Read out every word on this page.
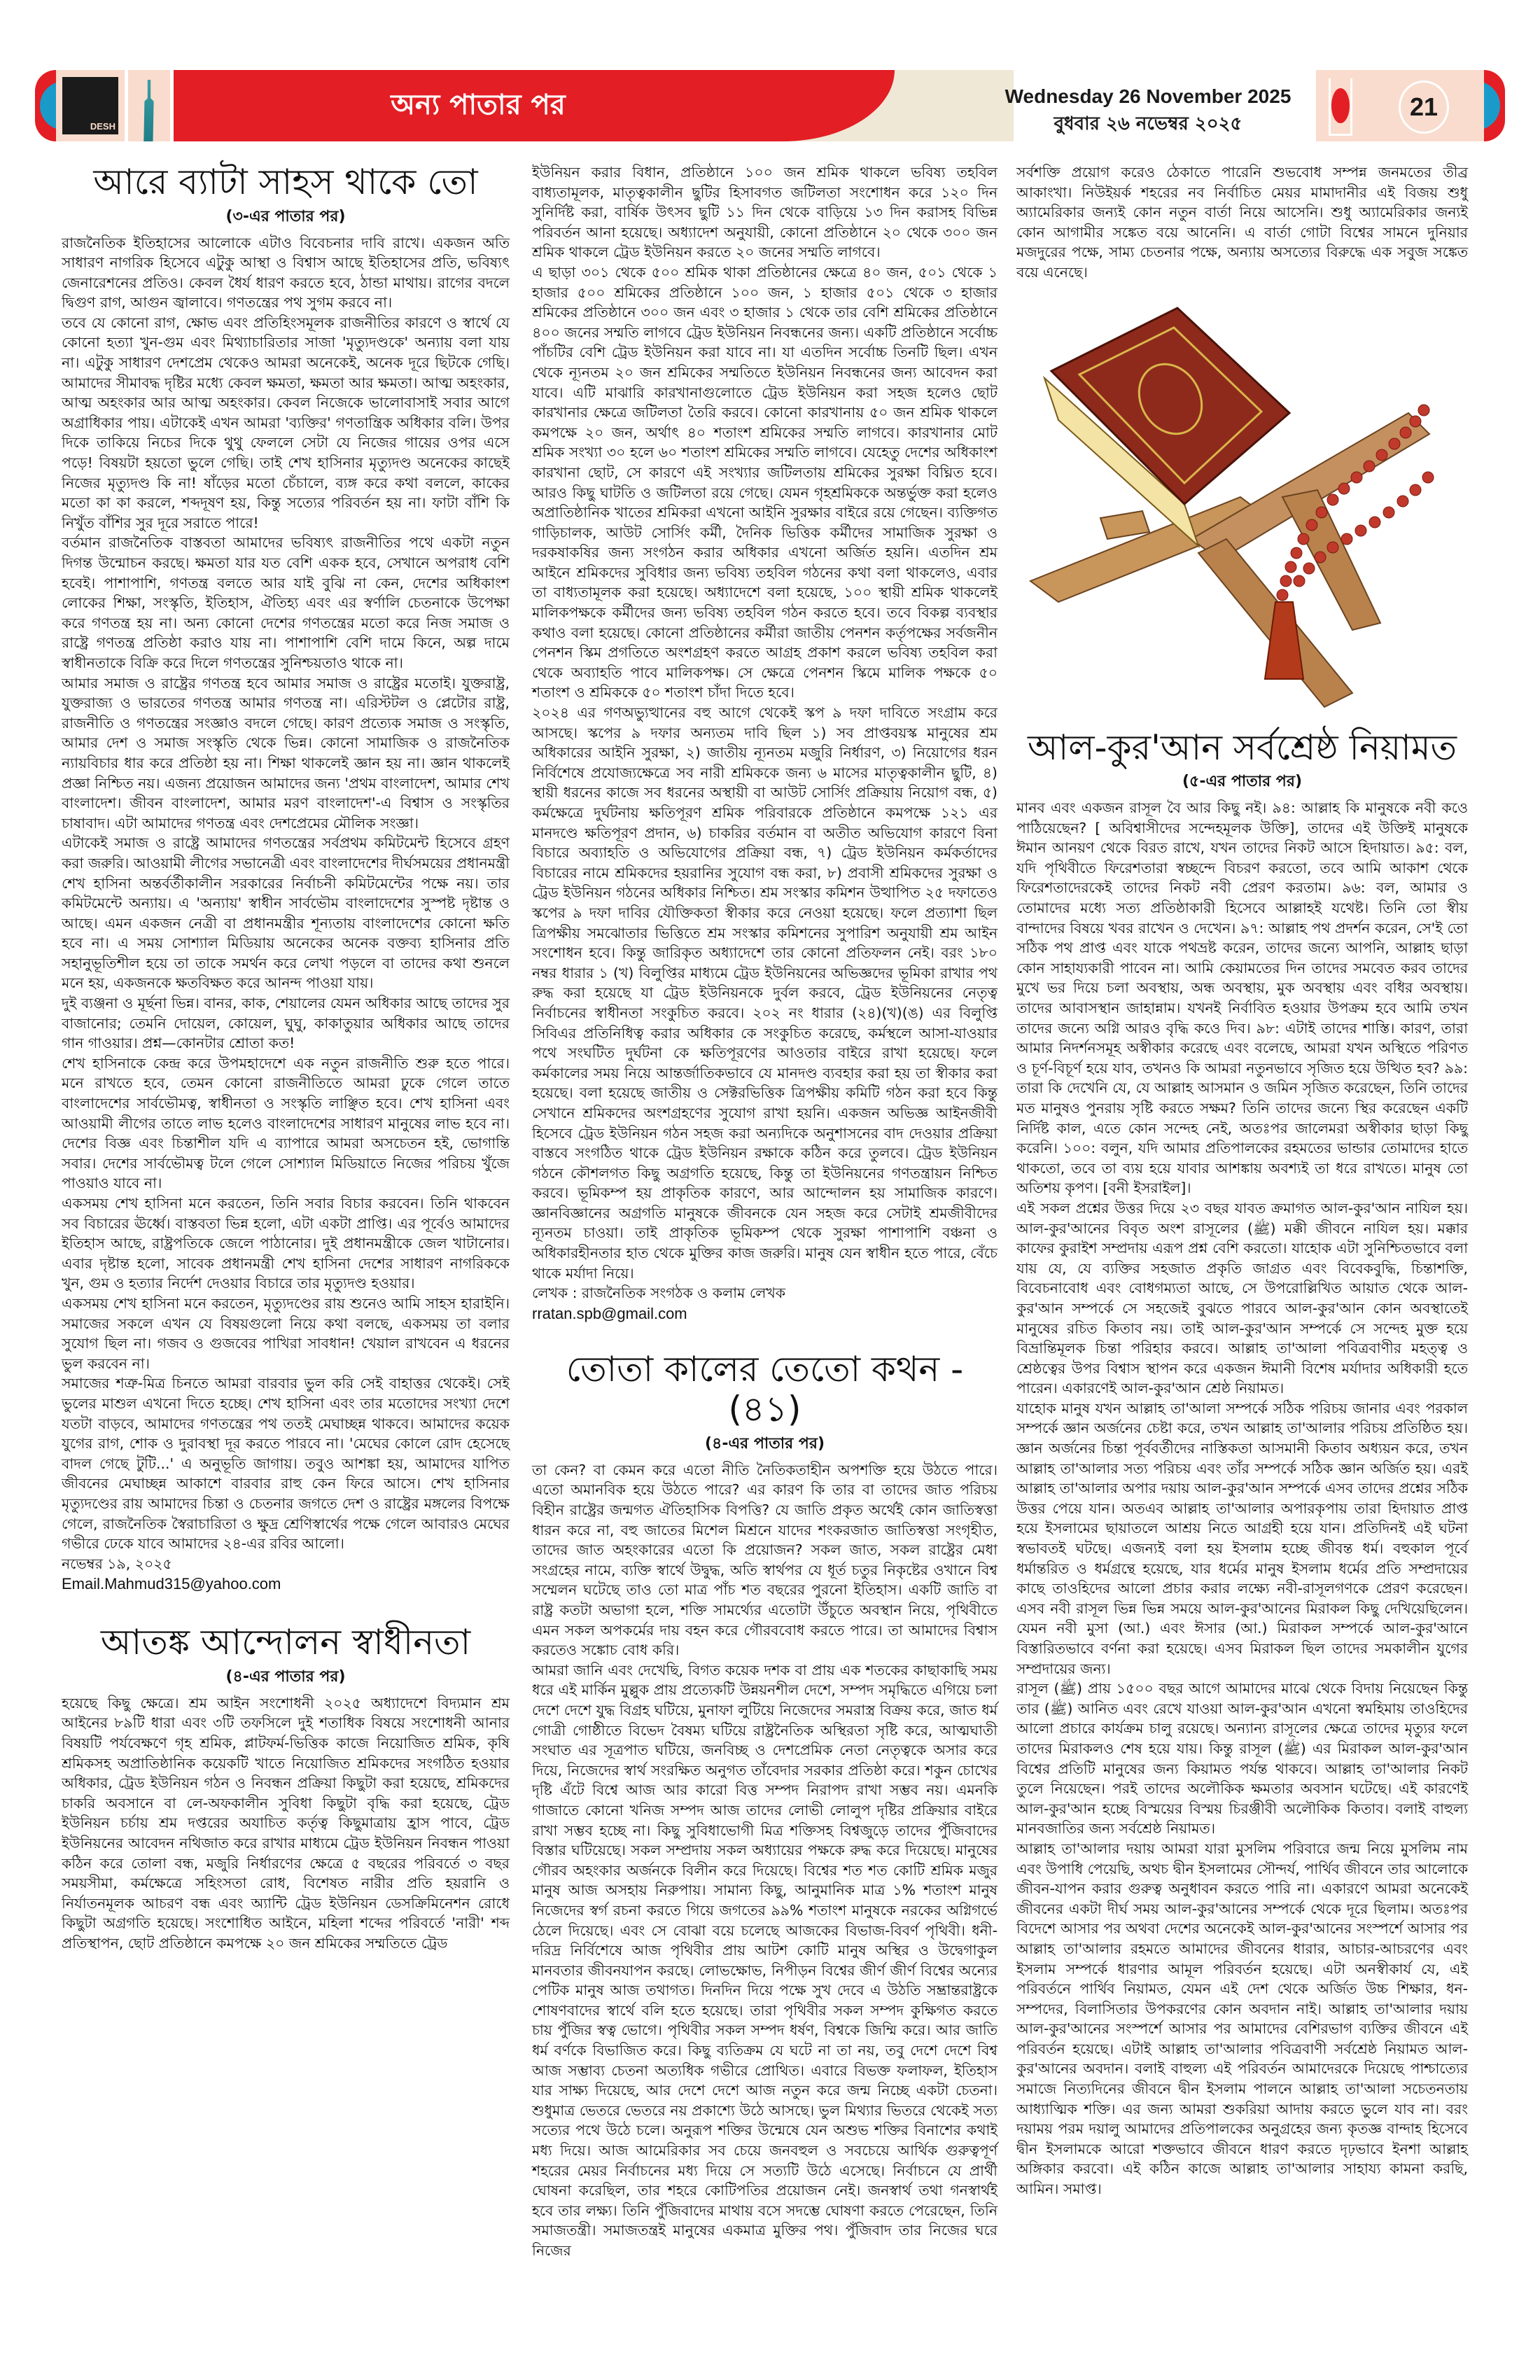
DESH
অন্য পাতার পর	Wednesday 26 November 2025
বুধবার ২৬ নভেম্বর ২০২৫
21
আরে ব্যাটা সাহস থাকে তো
(৩-এর পাতার পর)

রাজনৈতিক ইতিহাসের আলোকে এটাও বিবেচনার দাবি রাখে। একজন অতি সাধারণ নাগরিক হিসেবে এটুকু আস্থা ও বিশ্বাস আছে ইতিহাসের প্রতি, ভবিষ্যৎ জেনারেশনের প্রতিও। কেবল ধৈর্য ধারণ করতে হবে, ঠান্ডা মাথায়। রাগের বদলে দ্বিগুণ রাগ, আগুন জ্বালাবে। গণতন্ত্রের পথ সুগম করবে না।

তবে যে কোনো রাগ, ক্ষোভ এবং প্রতিহিংসমূলক রাজনীতির কারণে ও স্বার্থে যে কোনো হত্যা খুন-গুম এবং মিথ্যাচারিতার সাজা 'মৃত্যুদণ্ডকে' অন্যায় বলা যায় না। এটুকু সাধারণ দেশপ্রেম থেকেও আমরা অনেকেই, অনেক দূরে ছিটকে গেছি। আমাদের সীমাবদ্ধ দৃষ্টির মধ্যে কেবল ক্ষমতা, ক্ষমতা আর ক্ষমতা। আত্ম অহংকার, আত্ম অহংকার আর আত্ম অহংকার। কেবল নিজেকে ভালোবাসাই সবার আগে অগ্রাধিকার পায়। এটাকেই এখন আমরা 'ব্যক্তির' গণতান্ত্রিক অধিকার বলি। উপর দিকে তাকিয়ে নিচের দিকে থুথু ফেললে সেটা যে নিজের গায়ের ওপর এসে পড়ে! বিষয়টা হয়তো ভুলে গেছি। তাই শেখ হাসিনার মৃত্যুদণ্ড অনেকের কাছেই নিজের মৃত্যুদণ্ড কি না! ষাঁড়ের মতো চেঁচালে, ব্যঙ্গ করে কথা বললে, কাকের মতো কা কা করলে, শব্দদূষণ হয়, কিন্তু সত্যের পরিবর্তন হয় না। ফাটা বাঁশি কি নিখুঁত বাঁশির সুর দূরে সরাতে পারে!

বর্তমান রাজনৈতিক বাস্তবতা আমাদের ভবিষ্যৎ রাজনীতির পথে একটা নতুন দিগন্ত উন্মোচন করছে। ক্ষমতা যার যত বেশি একক হবে, সেখানে অপরাধ বেশি হবেই। পাশাপাশি, গণতন্ত্র বলতে আর যাই বুঝি না কেন, দেশের অধিকাংশ লোকের শিক্ষা, সংস্কৃতি, ইতিহাস, ঐতিহ্য এবং এর স্বর্ণালি চেতনাকে উপেক্ষা করে গণতন্ত্র হয় না। অন্য কোনো দেশের গণতন্ত্রের মতো করে নিজ সমাজ ও রাষ্ট্রে গণতন্ত্র প্রতিষ্ঠা করাও যায় না। পাশাপাশি বেশি দামে কিনে, অল্প দামে স্বাধীনতাকে বিক্রি করে দিলে গণতন্ত্রের সুনিশ্চয়তাও থাকে না।

আমার সমাজ ও রাষ্ট্রের গণতন্ত্র হবে আমার সমাজ ও রাষ্ট্রের মতোই। যুক্তরাষ্ট্র, যুক্তরাজ্য ও ভারতের গণতন্ত্র আমার গণতন্ত্র না। এরিস্টটল ও প্লেটোর রাষ্ট্র, রাজনীতি ও গণতন্ত্রের সংজ্ঞাও বদলে গেছে। কারণ প্রত্যেক সমাজ ও সংস্কৃতি, আমার দেশ ও সমাজ সংস্কৃতি থেকে ভিন্ন। কোনো সামাজিক ও রাজনৈতিক ন্যায়বিচার ধার করে প্রতিষ্ঠা হয় না। শিক্ষা থাকলেই জ্ঞান হয় না। জ্ঞান থাকলেই প্রজ্ঞা নিশ্চিত নয়। এজন্য প্রয়োজন আমাদের জন্য 'প্রথম বাংলাদেশ, আমার শেখ বাংলাদেশ। জীবন বাংলাদেশ, আমার মরণ বাংলাদেশ'-এ বিশ্বাস ও সংস্কৃতির চাষাবাদ। এটা আমাদের গণতন্ত্র এবং দেশপ্রেমের মৌলিক সংজ্ঞা।

এটাকেই সমাজ ও রাষ্ট্রে আমাদের গণতন্ত্রের সর্বপ্রথম কমিটমেন্ট হিসেবে গ্রহণ করা জরুরি। আওয়ামী লীগের সভানেত্রী এবং বাংলাদেশের দীর্ঘসময়ের প্রধানমন্ত্রী শেখ হাসিনা অন্তর্বর্তীকালীন সরকারের নির্বাচনী কমিটমেন্টের পক্ষে নয়। তার কমিটমেন্টে অন্যায়। এ 'অন্যায়' স্বাধীন সার্বভৌম বাংলাদেশের সুস্পষ্ট দৃষ্টান্ত ও আছে। এমন একজন নেত্রী বা প্রধানমন্ত্রীর শূন্যতায় বাংলাদেশের কোনো ক্ষতি হবে না। এ সময় সোশ্যাল মিডিয়ায় অনেকের অনেক বক্তব্য হাসিনার প্রতি সহানুভূতিশীল হয়ে তা তাকে সমর্থন করে লেখা পড়লে বা তাদের কথা শুনলে মনে হয়, একজনকে ক্ষতবিক্ষত করে আনন্দ পাওয়া যায়।

দুই ব্যঞ্জনা ও মূর্ছনা ভিন্ন। বানর, কাক, শেয়ালের যেমন অধিকার আছে তাদের সুর বাজানোর; তেমনি দোয়েল, কোয়েল, ঘুঘু, কাকাতুয়ার অধিকার আছে তাদের গান গাওয়ার। প্রশ্ন—কোনটার শ্রোতা কত!

শেখ হাসিনাকে কেন্দ্র করে উপমহাদেশে এক নতুন রাজনীতি শুরু হতে পারে। মনে রাখতে হবে, তেমন কোনো রাজনীতিতে আমরা ঢুকে গেলে তাতে বাংলাদেশের সার্বভৌমত্ব, স্বাধীনতা ও সংস্কৃতি লাঞ্ছিত হবে। শেখ হাসিনা এবং আওয়ামী লীগের তাতে লাভ হলেও বাংলাদেশের সাধারণ মানুষের লাভ হবে না। দেশের বিজ্ঞ এবং চিন্তাশীল যদি এ ব্যাপারে আমরা অসচেতন হই, ভোগান্তি সবার। দেশের সার্বভৌমত্ব টলে গেলে সোশ্যাল মিডিয়াতে নিজের পরিচয় খুঁজে পাওয়াও যাবে না।

একসময় শেখ হাসিনা মনে করতেন, তিনি সবার বিচার করবেন। তিনি থাকবেন সব বিচারের ঊর্ধ্বে। বাস্তবতা ভিন্ন হলো, এটা একটা প্রাপ্তি। এর পূর্বেও আমাদের ইতিহাস আছে, রাষ্ট্রপতিকে জেলে পাঠানোর। দুই প্রধানমন্ত্রীকে জেল খাটানোর। এবার দৃষ্টান্ত হলো, সাবেক প্রধানমন্ত্রী শেখ হাসিনা দেশের সাধারণ নাগরিককে খুন, গুম ও হত্যার নির্দেশ দেওয়ার বিচারে তার মৃত্যুদণ্ড হওয়ার।

একসময় শেখ হাসিনা মনে করতেন, মৃত্যুদণ্ডের রায় শুনেও আমি সাহস হারাইনি। সমাজের সকলে এখন যে বিষয়গুলো নিয়ে কথা বলছে, একসময় তা বলার সুযোগ ছিল না। গজব ও গুজবের পাখিরা সাবধান! খেয়াল রাখবেন এ ধরনের ভুল করবেন না।

সমাজের শত্রু-মিত্র চিনতে আমরা বারবার ভুল করি সেই বাহাত্তর থেকেই। সেই ভুলের মাশুল এখনো দিতে হচ্ছে। শেখ হাসিনা এবং তার মতোদের সংখ্যা দেশে যতটা বাড়বে, আমাদের গণতন্ত্রের পথ ততই মেঘাচ্ছন্ন থাকবে। আমাদের কয়েক যুগের রাগ, শোক ও দুরাবস্থা দূর করতে পারবে না। 'মেঘের কোলে রোদ হেসেছে বাদল গেছে টুটি...' এ অনুভূতি জাগায়। তবুও আশঙ্কা হয়, আমাদের যাপিত জীবনের মেঘাচ্ছন্ন আকাশে বারবার রাহু কেন ফিরে আসে। শেখ হাসিনার মৃত্যুদণ্ডের রায় আমাদের চিন্তা ও চেতনার জগতে দেশ ও রাষ্ট্রের মঙ্গলের বিপক্ষে গেলে, রাজনৈতিক স্বৈরাচারিতা ও ক্ষুদ্র শ্রেণিস্বার্থের পক্ষে গেলে আবারও মেঘের গভীরে ঢেকে যাবে আমাদের ২৪-এর রবির আলো।

নভেম্বর ১৯, ২০২৫
Email.Mahmud315@yahoo.com
আতঙ্ক আন্দোলন স্বাধীনতা
(৪-এর পাতার পর)

হয়েছে কিছু ক্ষেত্রে। শ্রম আইন সংশোধনী ২০২৫ অধ্যাদেশে বিদ্যমান শ্রম আইনের ৮৯টি ধারা এবং ৩টি তফসিলে দুই শতাধিক বিষয়ে সংশোধনী আনার বিষয়টি পর্যবেক্ষণে গৃহ শ্রমিক, প্লাটফর্ম-ভিত্তিক কাজে নিয়োজিত শ্রমিক, কৃষি শ্রমিকসহ অপ্রাতিষ্ঠানিক কয়েকটি খাতে নিয়োজিত শ্রমিকদের সংগঠিত হওয়ার অধিকার, ট্রেড ইউনিয়ন গঠন ও নিবন্ধন প্রক্রিয়া কিছুটা করা হয়েছে, শ্রমিকদের চাকরি অবসানে বা লে-অফকালীন সুবিধা কিছুটা বৃদ্ধি করা হয়েছে, ট্রেড ইউনিয়ন চর্চায় শ্রম দপ্তরের অযাচিত কর্তৃত্ব কিছুমাত্রায় হ্রাস পাবে, ট্রেড ইউনিয়নের আবেদন নথিজাত করে রাখার মাধ্যমে ট্রেড ইউনিয়ন নিবন্ধন পাওয়া কঠিন করে তোলা বন্ধ, মজুরি নির্ধারণের ক্ষেত্রে ৫ বছরের পরিবর্তে ৩ বছর সময়সীমা, কর্মক্ষেত্রে সহিংসতা রোধ, বিশেষত নারীর প্রতি হয়রানি ও নির্যাতনমূলক আচরণ বন্ধ এবং অ্যান্টি ট্রেড ইউনিয়ন ডেসক্রিমিনেশন রোধে কিছুটা অগ্রগতি হয়েছে। সংশোধিত আইনে, মহিলা শব্দের পরিবর্তে 'নারী' শব্দ প্রতিস্থাপন, ছোট প্রতিষ্ঠানে কমপক্ষে ২০ জন শ্রমিকের সম্মতিতে ট্রেড

ইউনিয়ন করার বিধান, প্রতিষ্ঠানে ১০০ জন শ্রমিক থাকলে ভবিষ্য তহবিল বাধ্যতামূলক, মাতৃত্বকালীন ছুটির হিসাবগত জটিলতা সংশোধন করে ১২০ দিন সুনির্দিষ্ট করা, বার্ষিক উৎসব ছুটি ১১ দিন থেকে বাড়িয়ে ১৩ দিন করাসহ বিভিন্ন পরিবর্তন আনা হয়েছে। অধ্যাদেশ অনুযায়ী, কোনো প্রতিষ্ঠানে ২০ থেকে ৩০০ জন শ্রমিক থাকলে ট্রেড ইউনিয়ন করতে ২০ জনের সম্মতি লাগবে।

এ ছাড়া ৩০১ থেকে ৫০০ শ্রমিক থাকা প্রতিষ্ঠানের ক্ষেত্রে ৪০ জন, ৫০১ থেকে ১ হাজার ৫০০ শ্রমিকের প্রতিষ্ঠানে ১০০ জন, ১ হাজার ৫০১ থেকে ৩ হাজার শ্রমিকের প্রতিষ্ঠানে ৩০০ জন এবং ৩ হাজার ১ থেকে তার বেশি শ্রমিকের প্রতিষ্ঠানে ৪০০ জনের সম্মতি লাগবে ট্রেড ইউনিয়ন নিবন্ধনের জন্য। একটি প্রতিষ্ঠানে সর্বোচ্চ পাঁচটির বেশি ট্রেড ইউনিয়ন করা যাবে না। যা এতদিন সর্বোচ্চ তিনটি ছিল। এখন থেকে ন্যূনতম ২০ জন শ্রমিকের সম্মতিতে ইউনিয়ন নিবন্ধনের জন্য আবেদন করা যাবে। এটি মাঝারি কারখানাগুলোতে ট্রেড ইউনিয়ন করা সহজ হলেও ছোট কারখানার ক্ষেত্রে জটিলতা তৈরি করবে। কোনো কারখানায় ৫০ জন শ্রমিক থাকলে কমপক্ষে ২০ জন, অর্থাৎ ৪০ শতাংশ শ্রমিকের সম্মতি লাগবে। কারখানার মোট শ্রমিক সংখ্যা ৩০ হলে ৬০ শতাংশ শ্রমিকের সম্মতি লাগবে। যেহেতু দেশের অধিকাংশ কারখানা ছোট, সে কারণে এই সংখ্যার জটিলতায় শ্রমিকের সুরক্ষা বিঘ্নিত হবে। আরও কিছু ঘাটতি ও জটিলতা রয়ে গেছে। যেমন গৃহশ্রমিককে অন্তর্ভুক্ত করা হলেও অপ্রাতিষ্ঠানিক খাতের শ্রমিকরা এখনো আইনি সুরক্ষার বাইরে রয়ে গেছেন। ব্যক্তিগত গাড়িচালক, আউট সোর্সিং কর্মী, দৈনিক ভিত্তিক কর্মীদের সামাজিক সুরক্ষা ও দরকষাকষির জন্য সংগঠন করার অধিকার এখনো অর্জিত হয়নি। এতদিন শ্রম আইনে শ্রমিকদের সুবিধার জন্য ভবিষ্য তহবিল গঠনের কথা বলা থাকলেও, এবার তা বাধ্যতামূলক করা হয়েছে। অধ্যাদেশে বলা হয়েছে, ১০০ স্থায়ী শ্রমিক থাকলেই মালিকপক্ষকে কর্মীদের জন্য ভবিষ্য তহবিল গঠন করতে হবে। তবে বিকল্প ব্যবস্থার কথাও বলা হয়েছে। কোনো প্রতিষ্ঠানের কর্মীরা জাতীয় পেনশন কর্তৃপক্ষের সর্বজনীন পেনশন স্কিম প্রগতিতে অংশগ্রহণ করতে আগ্রহ প্রকাশ করলে ভবিষ্য তহবিল করা থেকে অব্যাহতি পাবে মালিকপক্ষ। সে ক্ষেত্রে পেনশন স্কিমে মালিক পক্ষকে ৫০ শতাংশ ও শ্রমিককে ৫০ শতাংশ চাঁদা দিতে হবে।

২০২৪ এর গণঅভ্যুত্থানের বহু আগে থেকেই স্কপ ৯ দফা দাবিতে সংগ্রাম করে আসছে। স্কপের ৯ দফার অন্যতম দাবি ছিল ১) সব প্রাপ্তবয়স্ক মানুষের শ্রম অধিকারের আইনি সুরক্ষা, ২) জাতীয় ন্যূনতম মজুরি নির্ধারণ, ৩) নিয়োগের ধরন নির্বিশেষে প্রযোজ্যক্ষেত্রে সব নারী শ্রমিককে জন্য ৬ মাসের মাতৃত্বকালীন ছুটি, ৪) স্থায়ী ধরনের কাজে সব ধরনের অস্থায়ী বা আউট সোর্সিং প্রক্রিয়ায় নিয়োগ বন্ধ, ৫) কর্মক্ষেত্রে দুর্ঘটনায় ক্ষতিপূরণ শ্রমিক পরিবারকে প্রতিষ্ঠানে কমপক্ষে ১২১ এর মানদণ্ডে ক্ষতিপূরণ প্রদান, ৬) চাকরির বর্তমান বা অতীত অভিযোগ কারণে বিনা বিচারে অব্যাহতি ও অভিযোগের প্রক্রিয়া বন্ধ, ৭) ট্রেড ইউনিয়ন কর্মকর্তাদের বিচারের নামে শ্রমিকদের হয়রানির সুযোগ বন্ধ করা, ৮) প্রবাসী শ্রমিকদের সুরক্ষা ও ট্রেড ইউনিয়ন গঠনের অধিকার নিশ্চিত। শ্রম সংস্কার কমিশন উত্থাপিত ২৫ দফাতেও স্কপের ৯ দফা দাবির যৌক্তিকতা স্বীকার করে নেওয়া হয়েছে। ফলে প্রত্যাশা ছিল ত্রিপক্ষীয় সমঝোতার ভিত্তিতে শ্রম সংস্কার কমিশনের সুপারিশ অনুযায়ী শ্রম আইন সংশোধন হবে। কিন্তু জারিকৃত অধ্যাদেশে তার কোনো প্রতিফলন নেই। বরং ১৮০ নম্বর ধারার ১ (খ) বিলুপ্তির মাধ্যমে ট্রেড ইউনিয়নের অভিজ্ঞদের ভূমিকা রাখার পথ রুদ্ধ করা হয়েছে যা ট্রেড ইউনিয়নকে দুর্বল করবে, ট্রেড ইউনিয়নের নেতৃত্ব নির্বাচনের স্বাধীনতা সংকুচিত করবে। ২০২ নং ধারার (২৪)(খ)(ঙ) এর বিলুপ্তি সিবিএর প্রতিনিধিত্ব করার অধিকার কে সংকুচিত করেছে, কর্মস্থলে আসা-যাওয়ার পথে সংঘটিত দুর্ঘটনা কে ক্ষতিপূরণের আওতার বাইরে রাখা হয়েছে। ফলে কর্মকালের সময় নিয়ে আন্তর্জাতিকভাবে যে মানদণ্ড ব্যবহার করা হয় তা স্বীকার করা হয়েছে। বলা হয়েছে জাতীয় ও সেক্টরভিত্তিক ত্রিপক্ষীয় কমিটি গঠন করা হবে কিন্তু সেখানে শ্রমিকদের অংশগ্রহণের সুযোগ রাখা হয়নি। একজন অভিজ্ঞ আইনজীবী হিসেবে ট্রেড ইউনিয়ন গঠন সহজ করা অন্যদিকে অনুশাসনের বাদ দেওয়ার প্রক্রিয়া বাস্তবে সংগঠিত থাকে ট্রেড ইউনিয়ন রক্ষাকে কঠিন করে তুলবে। ট্রেড ইউনিয়ন গঠনে কৌশলগত কিছু অগ্রগতি হয়েছে, কিন্তু তা ইউনিয়নের গণতন্ত্রায়ন নিশ্চিত করবে। ভূমিকম্প হয় প্রাকৃতিক কারণে, আর আন্দোলন হয় সামাজিক কারণে। জ্ঞানবিজ্ঞানের অগ্রগতি মানুষকে জীবনকে যেন সহজ করে সেটাই শ্রমজীবীদের ন্যূনতম চাওয়া। তাই প্রাকৃতিক ভূমিকম্প থেকে সুরক্ষা পাশাপাশি বঞ্চনা ও অধিকারহীনতার হাত থেকে মুক্তির কাজ জরুরি। মানুষ যেন স্বাধীন হতে পারে, বেঁচে থাকে মর্যাদা নিয়ে।

লেখক : রাজনৈতিক সংগঠক ও কলাম লেখক
rratan.spb@gmail.com
তোতা কালের তেতো কথন - (৪১)
(৪-এর পাতার পর)

তা কেন? বা কেমন করে এতো নীতি নৈতিকতাহীন অপশক্তি হয়ে উঠতে পারে। এতো অমানবিক হয়ে উঠতে পারে? এর কারণ কি তার বা তাদের জাত পরিচয় বিহীন রাষ্ট্রের জন্মগত ঐতিহাসিক বিপত্তি? যে জাতি প্রকৃত অর্থেই কোন জাতিস্বত্তা ধারন করে না, বহু জাতের মিশেল মিশ্রনে যাদের শংকরজাত জাতিস্বত্তা সংগৃহীত, তাদের জাত অহংকারের এতো কি প্রয়োজন? সকল জাত, সকল রাষ্ট্রের মেধা সংগ্রহের নামে, ব্যক্তি স্বার্থে উদ্বুদ্ধ, অতি স্বার্থপর যে ধূর্ত চতুর নিকৃষ্টের ওখানে বিশ্ব সম্মেলন ঘটেছে তাও তো মাত্র পাঁচ শত বছরের পুরনো ইতিহাস। একটি জাতি বা রাষ্ট্র কতটা অভাগা হলে, শক্তি সামর্থ্যের এতোটা উঁচুতে অবস্থান নিয়ে, পৃথিবীতে এমন সকল অপকর্মের দায় বহন করে গৌরববোধ করতে পারে। তা আমাদের বিশ্বাস করতেও সঙ্কোচ বোধ করি।

আমরা জানি এবং দেখেছি, বিগত কয়েক দশক বা প্রায় এক শতকের কাছাকাছি সময় ধরে এই মার্কিন মুল্লুক প্রায় প্রত্যেকটি উন্নয়নশীল দেশে, সম্পদ সমৃদ্ধিতে এগিয়ে চলা দেশে দেশে যুদ্ধ বিগ্রহ ঘটিয়ে, মুনাফা লুটিয়ে নিজেদের সমরাস্ত্র বিক্রয় করে, জাত ধর্ম গোত্রী গোষ্ঠীতে বিভেদ বৈষম্য ঘটিয়ে রাষ্ট্রনৈতিক অস্থিরতা সৃষ্টি করে, আত্মঘাতী সংঘাত এর সূত্রপাত ঘটিয়ে, জনবিচ্ছ ও দেশপ্রেমিক নেতা নেতৃত্বকে অসার করে দিয়ে, নিজেদের স্বার্থ সংরক্ষিত অনুগত তাঁবেদার সরকার প্রতিষ্ঠা করে। শকুন চোখের দৃষ্টি এঁটে বিশ্বে আজ আর কারো বিত্ত সম্পদ নিরাপদ রাখা সম্ভব নয়। এমনকি গাজাতে কোনো খনিজ সম্পদ আজ তাদের লোভী লোলুপ দৃষ্টির প্রক্রিয়ার বাইরে রাখা সম্ভব হচ্ছে না। কিছু সুবিধাভোগী মিত্র শক্তিসহ বিশ্বজুড়ে তাদের পুঁজিবাদের বিস্তার ঘটিয়েছে। সকল সম্প্রদায় সকল অধ্যায়ের পক্ষকে রুদ্ধ করে দিয়েছে। মানুষের গৌরব অহংকার অর্জনকে বিলীন করে দিয়েছে। বিশ্বের শত শত কোটি শ্রমিক মজুর মানুষ আজ অসহায় নিরুপায়। সামান্য কিছু, আনুমানিক মাত্র ১% শতাংশ মানুষ নিজেদের স্বর্গ রচনা করতে গিয়ে জগতের ৯৯% শতাংশ মানুষকে নরকের অগ্নিগর্ভে ঠেলে দিয়েছে। এবং সে বোঝা বয়ে চলেছে আজকের বিভাজ-বিবর্ণ পৃথিবী। ধনী-দরিদ্র নির্বিশেষে আজ পৃথিবীর প্রায় আটশ কোটি মানুষ অস্থির ও উদ্বেগাকুল মানবতার জীবনযাপন করছে। লোভক্ষোভ, নিপীড়ন বিশ্বের জীর্ণ জীর্ণ বিশ্বের অন্যের পেটিক মানুষ আজ তথাগত। দিনদিন দিয়ে পক্ষে সুখ দেবে এ উঠতি সম্ভ্রান্তরাষ্ট্রকে শোষণবাদের স্বার্থে বলি হতে হয়েছে। তারা পৃথিবীর সকল সম্পদ কুক্ষিগত করতে চায় পুঁজির স্বত্ব ভোগে। পৃথিবীর সকল সম্পদ ধর্ষণ, বিশ্বকে জিম্মি করে। আর জাতি ধর্ম বর্ণকে বিভাজিত করে। কিছু ব্যতিক্রম যে ঘটে না তা নয়, তবু দেশে দেশে বিশ্ব আজ সম্ভাব্য চেতনা অত্যধিক গভীরে প্রোথিত। এবারে বিভক্ত ফলাফল, ইতিহাস যার সাক্ষ্য দিয়েছে, আর দেশে দেশে আজ নতুন করে জন্ম নিচ্ছে একটা চেতনা। শুধুমাত্র ভেতরে ভেতরে নয় প্রকাশ্যে উঠে আসছে। ভুল মিথ্যার ভিতরে থেকেই সত্য সত্যের পথে উঠে চলে। অনুরূপ শক্তির উন্মেষে যেন অশুভ শক্তির বিনাশের কথাই মধ্য দিয়ে। আজ আমেরিকার সব চেয়ে জনবহুল ও সবচেয়ে আর্থিক গুরুত্বপূর্ণ শহরের মেয়র নির্বাচনের মধ্য দিয়ে সে সত্যটি উঠে এসেছে। নির্বাচনে যে প্রার্থী ঘোষনা করেছিল, তার শহরে কোটিপতির প্রয়োজন নেই। জনস্বার্থ তথা গনস্বার্থই হবে তার লক্ষ্য। তিনি পুঁজিবাদের মাথায় বসে সদম্ভে ঘোষণা করতে পেরেছেন, তিনি সমাজতন্ত্রী। সমাজতন্ত্রই মানুষের একমাত্র মুক্তির পথ। পুঁজিবাদ তার নিজের ঘরে নিজের

সর্বশক্তি প্রয়োগ করেও ঠেকাতে পারেনি শুভবোধ সম্পন্ন জনমতের তীব্র আকাংখা। নিউইয়র্ক শহরের নব নির্বাচিত মেয়র মামাদানীর এই বিজয় শুধু অ্যামেরিকার জন্যই কোন নতুন বার্তা নিয়ে আসেনি। শুধু অ্যামেরিকার জন্যই কোন আগামীর সঙ্কেত বয়ে আনেনি। এ বার্তা গোটা বিশ্বের সামনে দুনিয়ার মজদুরের পক্ষে, সাম্য চেতনার পক্ষে, অন্যায় অসত্যের বিরুদ্ধে এক সবুজ সঙ্কেত বয়ে এনেছে।

আল-কুর'আন সর্বশ্রেষ্ঠ নিয়ামত
(৫-এর পাতার পর)

মানব এবং একজন রাসূল বৈ আর কিছু নই। ৯৪: আল্লাহ কি মানুষকে নবী কওে পাঠিয়েছেন? [ অবিশ্বাসীদের সন্দেহমূলক উক্তি], তাদের এই উক্তিই মানুষকে ঈমান আনয়ণ থেকে বিরত রাখে, যখন তাদের নিকট আসে হিদায়াত। ৯৫: বল, যদি পৃথিবীতে ফিরেশতারা স্বচ্ছন্দে বিচরণ করতো, তবে আমি আকাশ থেকে ফিরেশতাদেরকেই তাদের নিকট নবী প্রেরণ করতাম। ৯৬: বল, আমার ও তোমাদের মধ্যে সত্য প্রতিষ্ঠাকারী হিসেবে আল্লাহই যথেষ্ট। তিনি তো স্বীয় বান্দাদের বিষয়ে খবর রাখেন ও দেখেন। ৯৭: আল্লাহ পথ প্রদর্শন করেন, সে'ই তো সঠিক পথ প্রাপ্ত এবং যাকে পথভ্রষ্ট করেন, তাদের জন্যে আপনি, আল্লাহ ছাড়া কোন সাহায্যকারী পাবেন না। আমি কেয়ামতের দিন তাদের সমবেত করব তাদের মুখে ভর দিয়ে চলা অবস্থায়, অন্ধ অবস্থায়, মুক অবস্থায় এবং বধির অবস্থায়। তাদের আবাসস্থান জাহান্নাম। যখনই নির্বাবিত হওয়ার উপক্রম হবে আমি তখন তাদের জন্যে অগ্নি আরও বৃদ্ধি কওে দিব। ৯৮: এটাই তাদের শাস্তি। কারণ, তারা আমার নিদর্শনসমূহ অস্বীকার করেছে এবং বলেছে, আমরা যখন অস্থিতে পরিণত ও চূর্ণ-বিচূর্ণ হয়ে যাব, তখনও কি আমরা নতুনভাবে সৃজিত হয়ে উত্থিত হব? ৯৯: তারা কি দেখেনি যে, যে আল্লাহ আসমান ও জমিন সৃজিত করেছেন, তিনি তাদের মত মানুষও পুনরায় সৃষ্টি করতে সক্ষম? তিনি তাদের জন্যে স্থির করেছেন একটি নির্দিষ্ট কাল, এতে কোন সন্দেহ নেই, অতঃপর জালেমরা অস্বীকার ছাড়া কিছু করেনি। ১০০: বলুন, যদি আমার প্রতিপালকের রহমতের ভান্ডার তোমাদের হাতে থাকতো, তবে তা ব্যয় হয়ে যাবার আশঙ্কায় অবশ্যই তা ধরে রাখতে। মানুষ তো অতিশয় কৃপণ। [বনী ইসরাইল]।

এই সকল প্রশ্নের উত্তর দিয়ে ২৩ বছর যাবত ক্রমাগত আল-কুর'আন নাযিল হয়। আল-কুর'আনের বিবৃত অংশ রাসূলের (ﷺ) মক্কী জীবনে নাযিল হয়। মক্কার কাফের কুরাইশ সম্প্রদায় এরূপ প্রশ্ন বেশি করতো। যাহোক এটা সুনিশ্চিতভাবে বলা যায় যে, যে ব্যক্তির সহজাত প্রকৃতি জাগ্রত এবং বিবেকবুদ্ধি, চিন্তাশক্তি, বিবেচনাবোধ এবং বোধগম্যতা আছে, সে উপরোল্লিখিত আয়াত থেকে আল-কুর'আন সম্পর্কে সে সহজেই বুঝতে পারবে আল-কুর'আন কোন অবস্থাতেই মানুষের রচিত কিতাব নয়। তাই আল-কুর'আন সম্পর্কে সে সন্দেহ মুক্ত হয়ে বিভ্রান্তিমূলক চিন্তা পরিহার করবে। আল্লাহ তা'আলা পবিত্রবাণীর মহত্ত্ব ও শ্রেষ্ঠত্বের উপর বিশ্বাস স্থাপন করে একজন ঈমানী বিশেষ মর্যাদার অধিকারী হতে পারেন। একারণেই আল-কুর'আন শ্রেষ্ঠ নিয়ামত।

যাহোক মানুষ যখন আল্লাহ তা'আলা সম্পর্কে সঠিক পরিচয় জানার এবং পরকাল সম্পর্কে জ্ঞান অর্জনের চেষ্টা করে, তখন আল্লাহ তা'আলার পরিচয় প্রতিষ্ঠিত হয়। জ্ঞান অর্জনের চিন্তা পূর্ববর্তীদের নাস্তিকতা আসমানী কিতাব অধ্যয়ন করে, তখন আল্লাহ তা'আলার সত্য পরিচয় এবং তাঁর সম্পর্কে সঠিক জ্ঞান অর্জিত হয়। এরই আল্লাহ তা'আলার অপার দয়ায় আল-কুর'আন সম্পর্কে এসব তাদের প্রশ্নের সঠিক উত্তর পেয়ে যান। অতএব আল্লাহ তা'আলার অপারকৃপায় তারা হিদায়াত প্রাপ্ত হয়ে ইসলামের ছায়াতলে আশ্রয় নিতে আগ্রহী হয়ে যান। প্রতিদিনই এই ঘটনা স্বভাবতই ঘটছে। এজন্যই বলা হয় ইসলাম হচ্ছে জীবন্ত ধর্ম। বহুকাল পূর্বে ধর্মান্তরিত ও ধর্মগ্রন্থে হয়েছে, যার ধর্মের মানুষ ইসলাম ধর্মের প্রতি সম্প্রদায়ের কাছে তাওহিদের আলো প্রচার করার লক্ষ্যে নবী-রাসূলগণকে প্রেরণ করেছেন। এসব নবী রাসূল ভিন্ন ভিন্ন সময়ে আল-কুর'আনের মিরাকল কিছু দেখিয়েছিলেন। যেমন নবী মুসা (আ.) এবং ঈসার (আ.) মিরাকল সম্পর্কে আল-কুর'আনে বিস্তারিতভাবে বর্ণনা করা হয়েছে। এসব মিরাকল ছিল তাদের সমকালীন যুগের সম্প্রদায়ের জন্য।

রাসূল (ﷺ) প্রায় ১৫০০ বছর আগে আমাদের মাঝে থেকে বিদায় নিয়েছেন কিন্তু তার (ﷺ) আনিত এবং রেখে যাওয়া আল-কুর'আন এখনো স্বমহিমায় তাওহিদের আলো প্রচারে কার্যক্রম চালু রয়েছে। অন্যান্য রাসূলের ক্ষেত্রে তাদের মৃত্যুর ফলে তাদের মিরাকলও শেষ হয়ে যায়। কিন্তু রাসূল (ﷺ) এর মিরাকল আল-কুর'আন বিশ্বের প্রতিটি মানুষের জন্য কিয়ামত পর্যন্ত থাকবে। আল্লাহ তা'আলার নিকট তুলে নিয়েছেন। পরই তাদের অলৌকিক ক্ষমতার অবসান ঘটেছে। এই কারণেই আল-কুর'আন হচ্ছে বিস্ময়ের বিস্ময় চিরঞ্জীবী অলৌকিক কিতাব। বলাই বাহুল্য মানবজাতির জন্য সর্বশ্রেষ্ঠ নিয়ামত।

আল্লাহ তা'আলার দয়ায় আমরা যারা মুসলিম পরিবারে জন্ম নিয়ে মুসলিম নাম এবং উপাধি পেয়েছি, অথচ দ্বীন ইসলামের সৌন্দর্য, পার্থিব জীবনে তার আলোকে জীবন-যাপন করার গুরুত্ব অনুধাবন করতে পারি না। একারণে আমরা অনেকেই জীবনের একটা দীর্ঘ সময় আল-কুর'আনের সম্পর্কে থেকে দূরে ছিলাম। অতঃপর বিদেশে আসার পর অথবা দেশের অনেকেই আল-কুর'আনের সংস্পর্শে আসার পর আল্লাহ তা'আলার রহমতে আমাদের জীবনের ধারার, আচার-আচরণের এবং ইসলাম সম্পর্কে ধারণার আমূল পরিবর্তন হয়েছে। এটা অনস্বীকার্য যে, এই পরিবর্তনে পার্থিব নিয়ামত, যেমন এই দেশ থেকে অর্জিত উচ্চ শিক্ষার, ধন-সম্পদের, বিলাসিতার উপকরণের কোন অবদান নাই। আল্লাহ তা'আলার দয়ায় আল-কুর'আনের সংস্পর্শে আসার পর আমাদের বেশিরভাগ ব্যক্তির জীবনে এই পরিবর্তন হয়েছে। এটাই আল্লাহ তা'আলার পবিত্রবাণী সর্বশ্রেষ্ঠ নিয়ামত আল-কুর'আনের অবদান। বলাই বাহুল্য এই পরিবর্তন আমাদেরকে দিয়েছে পাশ্চাত্যের সমাজে নিত্যদিনের জীবনে দ্বীন ইসলাম পালনে আল্লাহ তা'আলা সচেতনতায় আধ্যাত্মিক শক্তি। এর জন্য আমরা শুকরিয়া আদায় করতে ভুলে যাব না। বরং দয়াময় পরম দয়ালু আমাদের প্রতিপালকের অনুগ্রহের জন্য কৃতজ্ঞ বান্দাহ হিসেবে দ্বীন ইসলামকে আরো শক্তভাবে জীবনে ধারণ করতে দৃঢ়ভাবে ইনশা আল্লাহ অঙ্গিকার করবো। এই কঠিন কাজে আল্লাহ তা'আলার সাহায্য কামনা করছি, আমিন। সমাপ্ত।
